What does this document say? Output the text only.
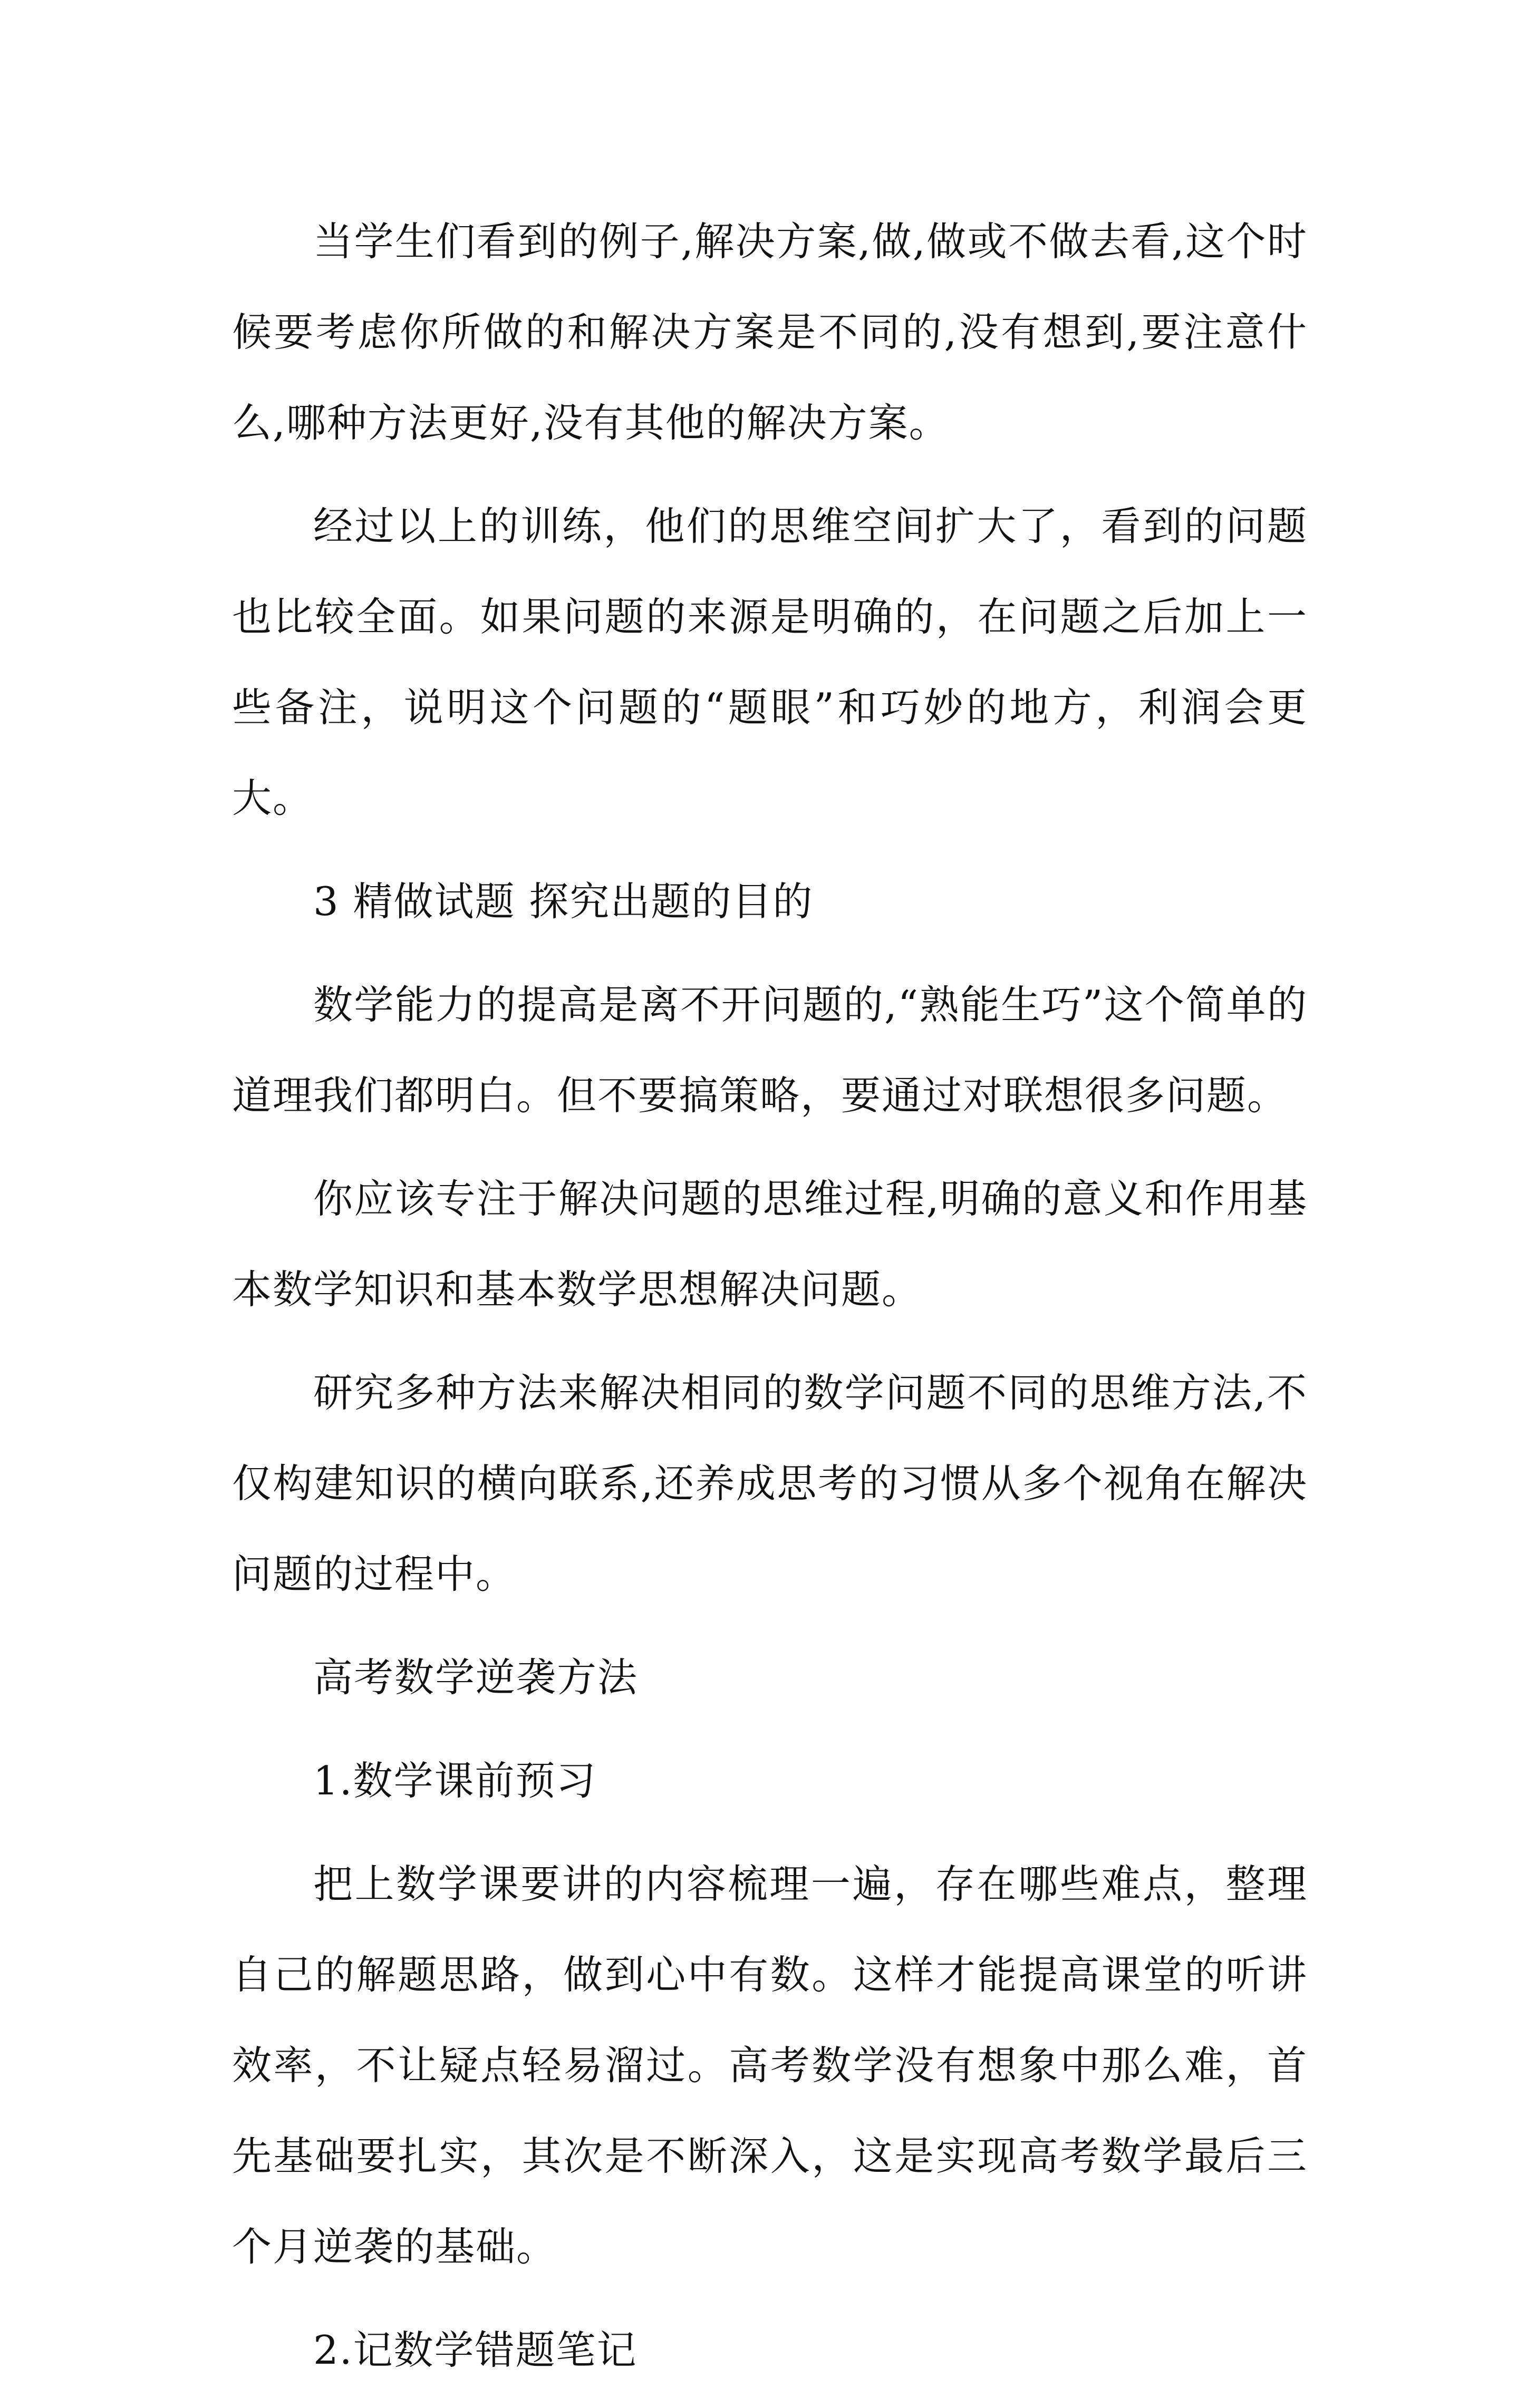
当学生们看到的例子,解决方案,做,做或不做去看,这个时候要考虑你所做的和解决方案是不同的,没有想到,要注意什么,哪种方法更好,没有其他的解决方案。

经过以上的训练，他们的思维空间扩大了，看到的问题也比较全面。如果问题的来源是明确的，在问题之后加上一些备注，说明这个问题的“题眼”和巧妙的地方，利润会更大。

3 精做试题 探究出题的目的

数学能力的提高是离不开问题的,“熟能生巧”这个简单的道理我们都明白。但不要搞策略，要通过对联想很多问题。

你应该专注于解决问题的思维过程,明确的意义和作用基本数学知识和基本数学思想解决问题。

研究多种方法来解决相同的数学问题不同的思维方法,不仅构建知识的横向联系,还养成思考的习惯从多个视角在解决问题的过程中。

高考数学逆袭方法

1.数学课前预习

把上数学课要讲的内容梳理一遍，存在哪些难点，整理自己的解题思路，做到心中有数。这样才能提高课堂的听讲效率，不让疑点轻易溜过。高考数学没有想象中那么难，首先基础要扎实，其次是不断深入，这是实现高考数学最后三个月逆袭的基础。

2.记数学错题笔记
